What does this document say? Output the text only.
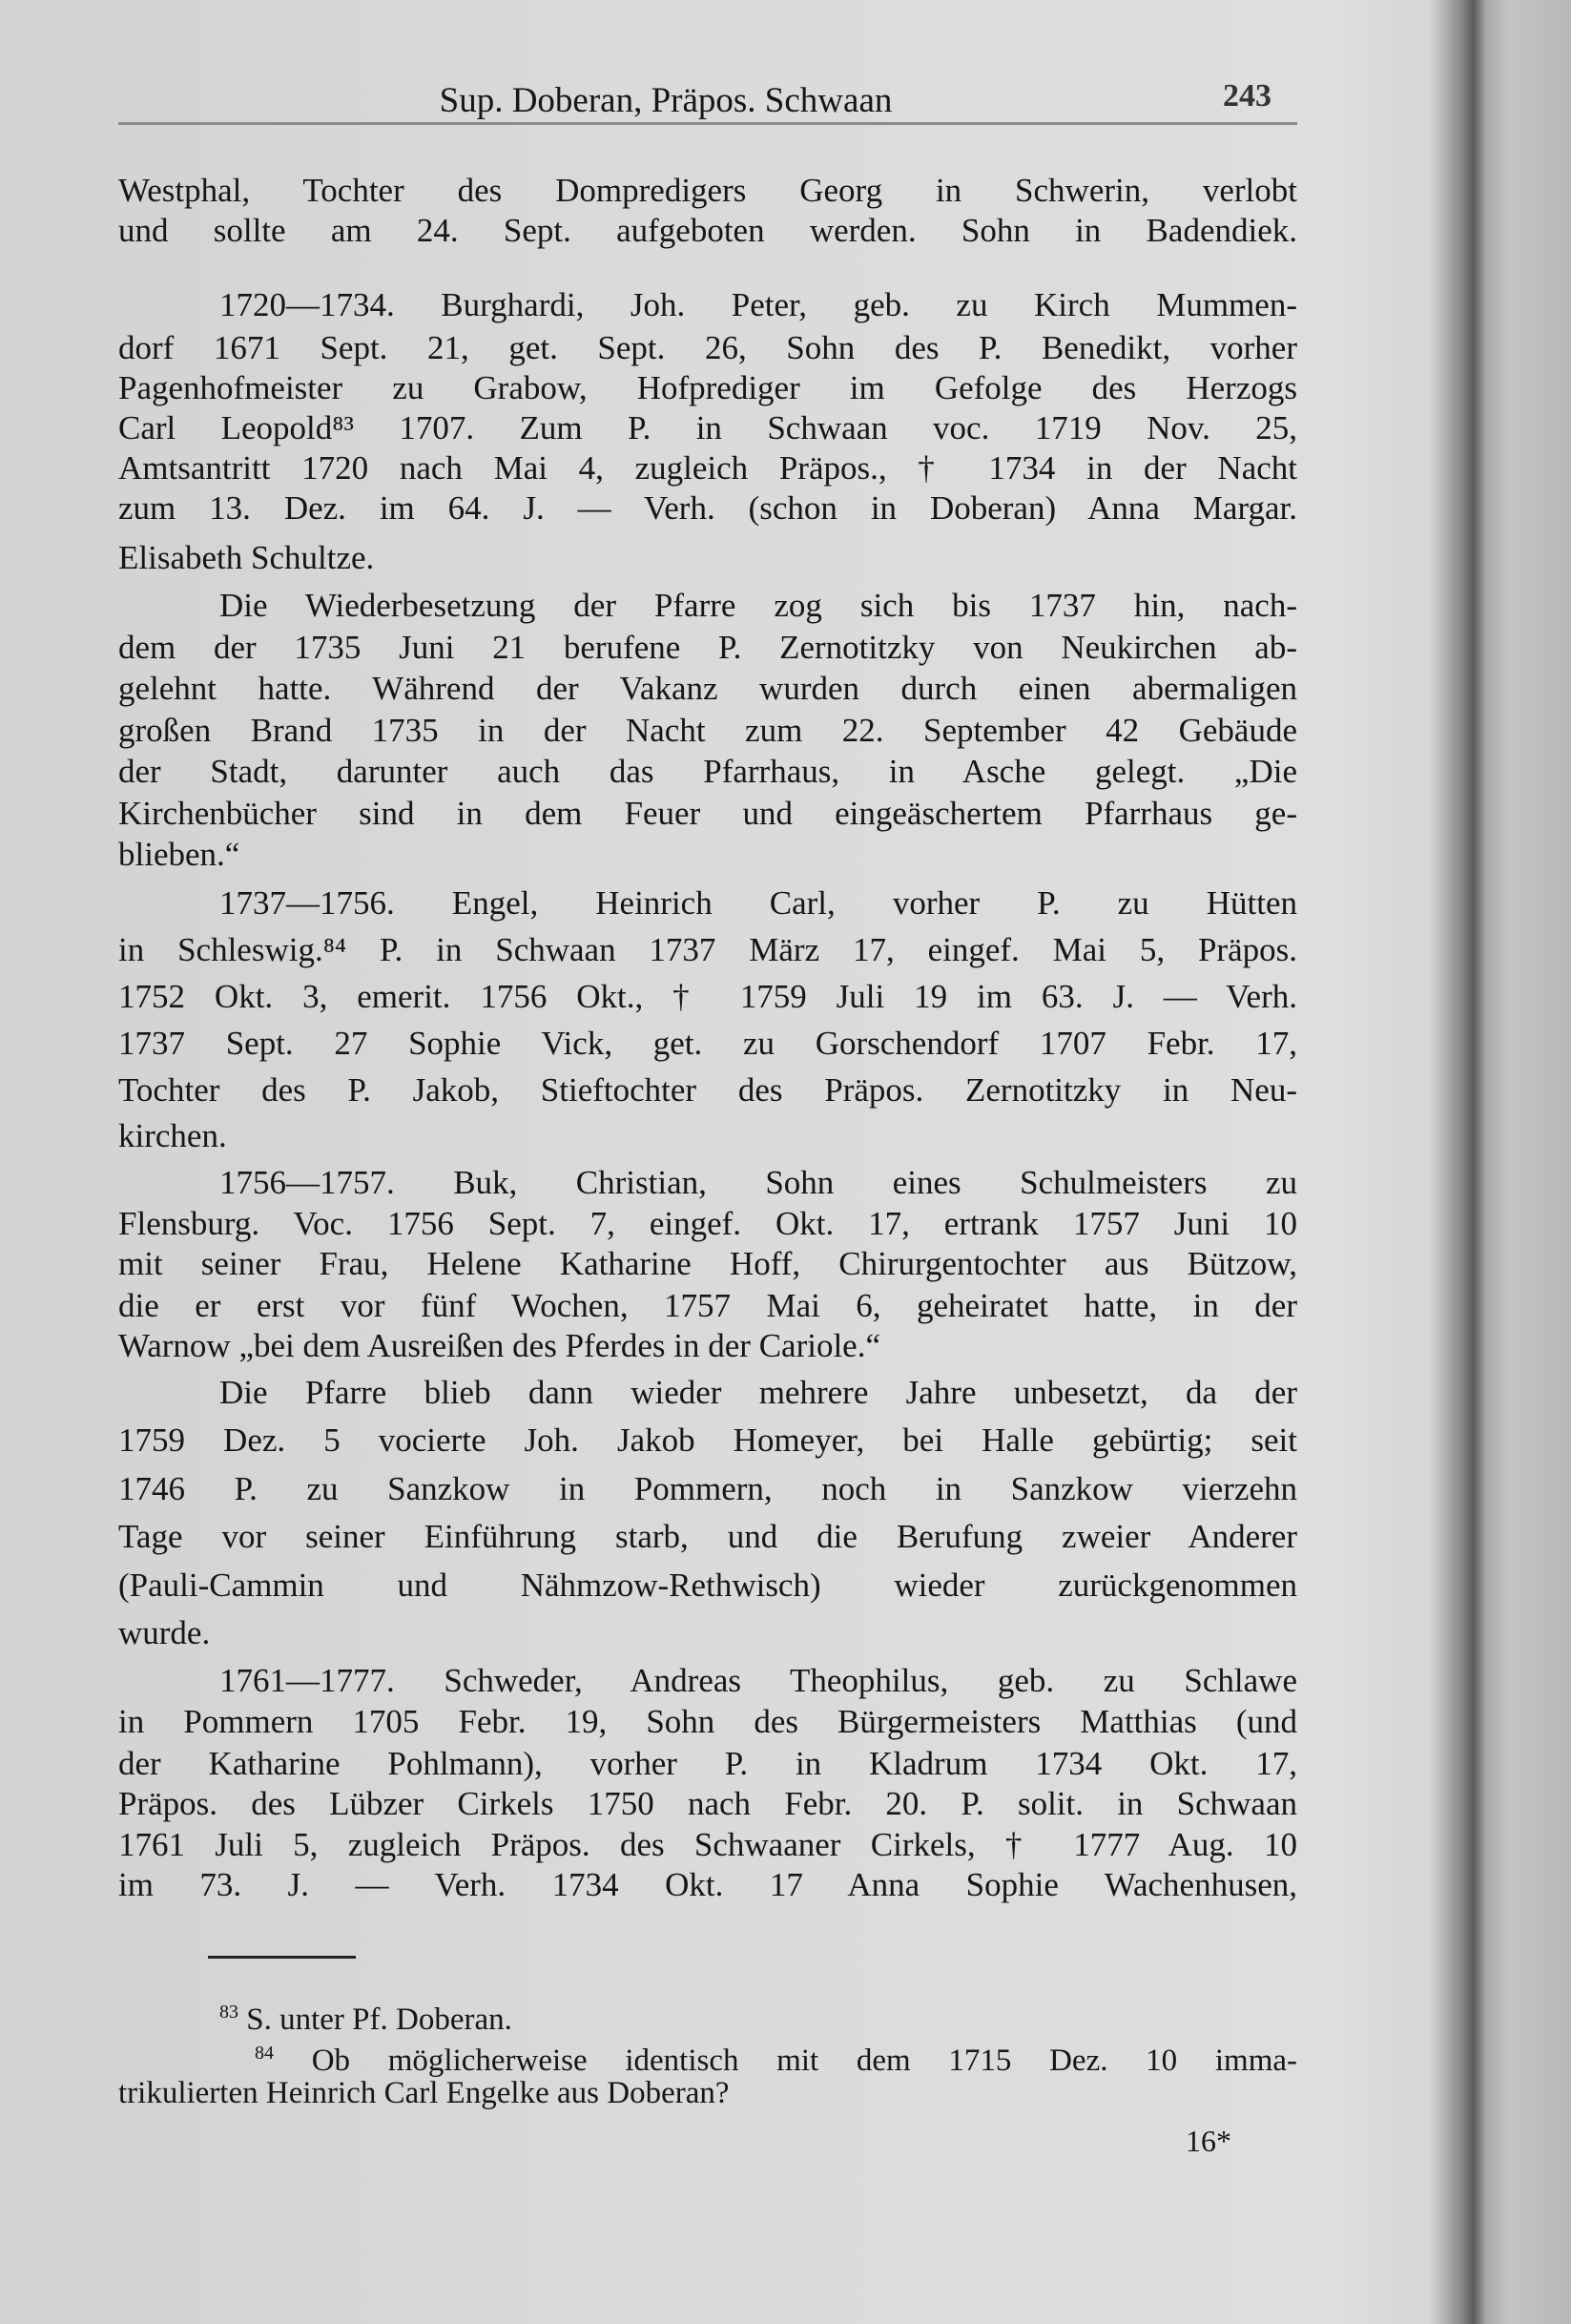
Sup. Doberan, Präpos. Schwaan	243
Westphal, Tochter des Dompredigers Georg in Schwerin, verlobt
und sollte am 24. Sept. aufgeboten werden. Sohn in Badendiek.
1720—1734. Burghardi, Joh. Peter, geb. zu Kirch Mummen-
dorf 1671 Sept. 21, get. Sept. 26, Sohn des P. Benedikt, vorher
Pagenhofmeister zu Grabow, Hofprediger im Gefolge des Herzogs
Carl Leopold⁸³ 1707. Zum P. in Schwaan voc. 1719 Nov. 25,
Amtsantritt 1720 nach Mai 4, zugleich Präpos., † 1734 in der Nacht
zum 13. Dez. im 64. J. — Verh. (schon in Doberan) Anna Margar.
Elisabeth Schultze.
Die Wiederbesetzung der Pfarre zog sich bis 1737 hin, nach-
dem der 1735 Juni 21 berufene P. Zernotitzky von Neukirchen ab-
gelehnt hatte. Während der Vakanz wurden durch einen abermaligen
großen Brand 1735 in der Nacht zum 22. September 42 Gebäude
der Stadt, darunter auch das Pfarrhaus, in Asche gelegt. „Die
Kirchenbücher sind in dem Feuer und eingeäschertem Pfarrhaus ge-
blieben.“
1737—1756. Engel, Heinrich Carl, vorher P. zu Hütten
in Schleswig.⁸⁴ P. in Schwaan 1737 März 17, eingef. Mai 5, Präpos.
1752 Okt. 3, emerit. 1756 Okt., † 1759 Juli 19 im 63. J. — Verh.
1737 Sept. 27 Sophie Vick, get. zu Gorschendorf 1707 Febr. 17,
Tochter des P. Jakob, Stieftochter des Präpos. Zernotitzky in Neu-
kirchen.
1756—1757. Buk, Christian, Sohn eines Schulmeisters zu
Flensburg. Voc. 1756 Sept. 7, eingef. Okt. 17, ertrank 1757 Juni 10
mit seiner Frau, Helene Katharine Hoff, Chirurgentochter aus Bützow,
die er erst vor fünf Wochen, 1757 Mai 6, geheiratet hatte, in der
Warnow „bei dem Ausreißen des Pferdes in der Cariole.“
Die Pfarre blieb dann wieder mehrere Jahre unbesetzt, da der
1759 Dez. 5 vocierte Joh. Jakob Homeyer, bei Halle gebürtig; seit
1746 P. zu Sanzkow in Pommern, noch in Sanzkow vierzehn
Tage vor seiner Einführung starb, und die Berufung zweier Anderer
(Pauli-Cammin und Nähmzow-Rethwisch) wieder zurückgenommen
wurde.
1761—1777. Schweder, Andreas Theophilus, geb. zu Schlawe
in Pommern 1705 Febr. 19, Sohn des Bürgermeisters Matthias (und
der Katharine Pohlmann), vorher P. in Kladrum 1734 Okt. 17,
Präpos. des Lübzer Cirkels 1750 nach Febr. 20. P. solit. in Schwaan
1761 Juli 5, zugleich Präpos. des Schwaaner Cirkels, † 1777 Aug. 10
im 73. J. — Verh. 1734 Okt. 17 Anna Sophie Wachenhusen,
$^{83}$ S. unter Pf. Doberan.
$^{84}$ Ob möglicherweise identisch mit dem 1715 Dez. 10 imma-
trikulierten Heinrich Carl Engelke aus Doberan?
16*
